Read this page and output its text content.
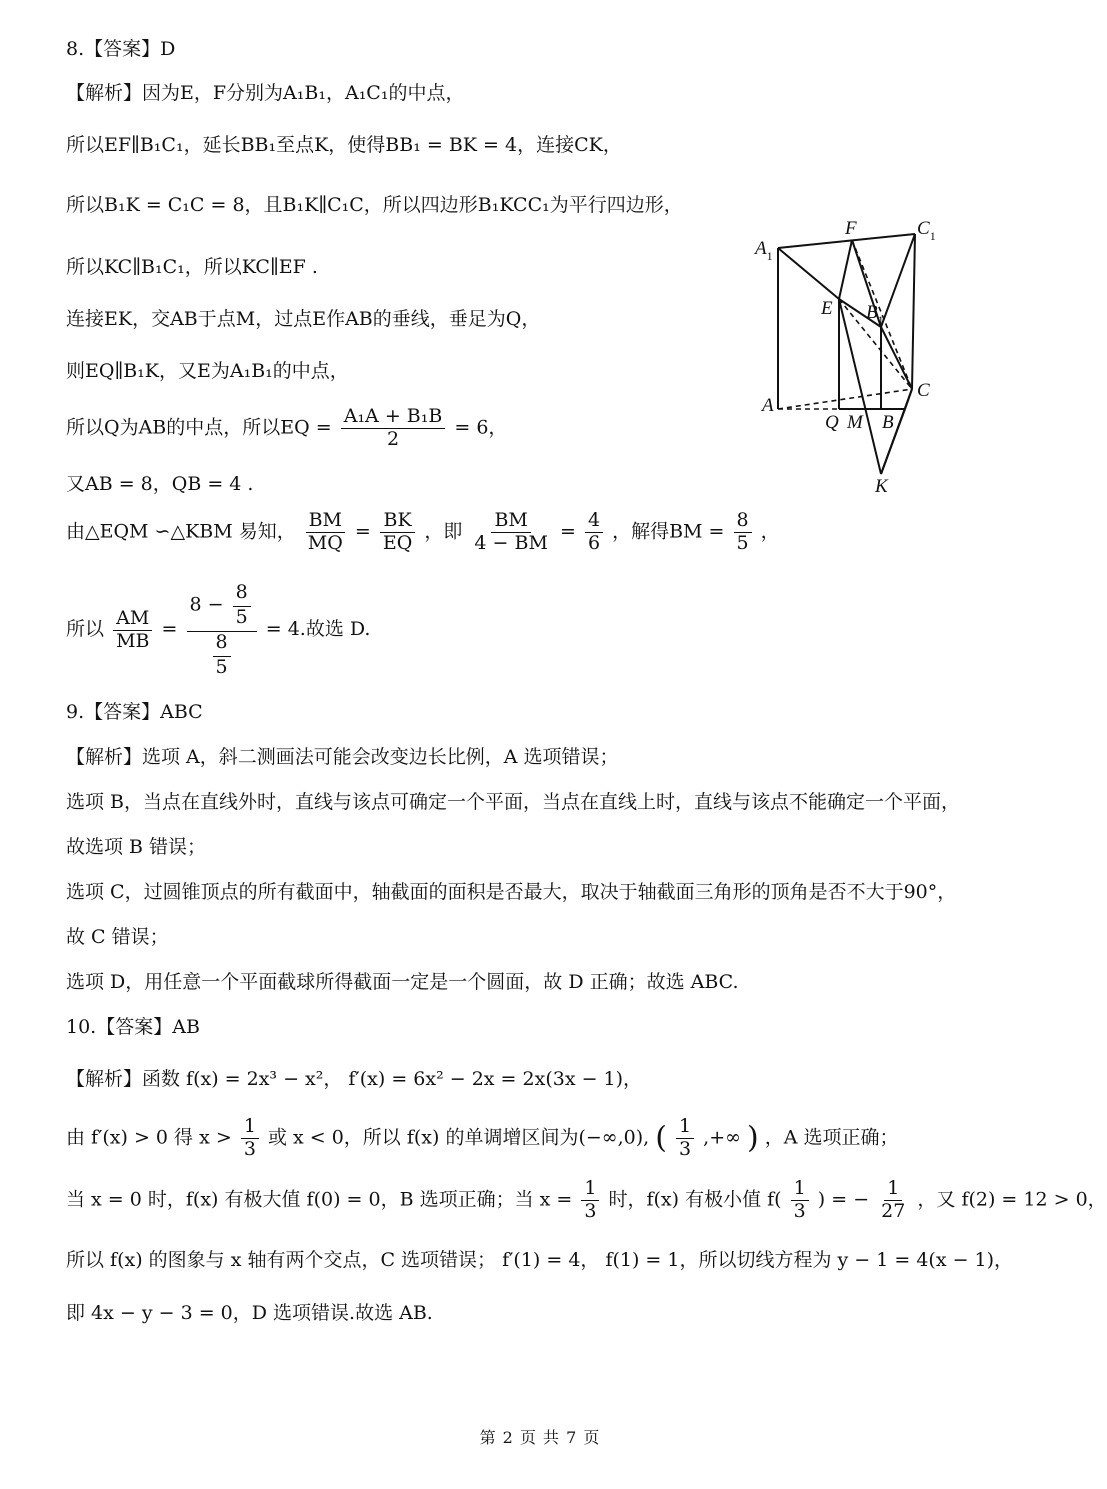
8.【答案】D
【解析】因为E，F分别为A₁B₁，A₁C₁的中点，
所以EF∥B₁C₁，延长BB₁至点K，使得BB₁ = BK = 4，连接CK，
所以B₁K = C₁C = 8，且B₁K∥C₁C，所以四边形B₁KCC₁为平行四边形，
所以KC∥B₁C₁，所以KC∥EF .
连接EK，交AB于点M，过点E作AB的垂线，垂足为Q，
则EQ∥B₁K，又E为A₁B₁的中点，
所以Q为AB的中点，所以EQ = $\frac{\text{A₁A + B₁B}}{2} = 6$，
又AB = 8，QB = 4 .
由△EQM ∽△KBM 易知， $\frac{BM}{MQ} = \frac{BK}{EQ}$ ，即 $\frac{BM}{4 - BM} = \frac{4}{6}$ ，解得BM = $\frac{8}{5}$ ，
所以 $\frac{AM}{MB} = \frac{8 - \frac{8}{5}}{\frac{8}{5}} = 4$.故选 D.
$A_1$
$C_1$
F
E $B_1$
A
C
Q M B
K
9.【答案】ABC
【解析】选项 A，斜二测画法可能会改变边长比例，A 选项错误；
选项 B，当点在直线外时，直线与该点可确定一个平面，当点在直线上时，直线与该点不能确定一个平面，
故选项 B 错误；
选项 C，过圆锥顶点的所有截面中，轴截面的面积是否最大，取决于轴截面三角形的顶角是否不大于90°，
故 C 错误；
选项 D，用任意一个平面截球所得截面一定是一个圆面，故 D 正确；故选 ABC.
10.【答案】AB
【解析】函数 f(x) = 2x³ − x²， f′(x) = 6x² − 2x = 2x(3x − 1)，
由 f′(x) > 0 得 $x > \frac{1}{3}$ 或 x < 0，所以 f(x) 的单调增区间为(−∞,0), ( $\frac{1}{3}$ ,+∞ ) ，A 选项正确；
当 x = 0 时，f(x) 有极大值 f(0) = 0，B 选项正确；当 $x = \frac{1}{3}$ 时，f(x) 有极小值 $f( \frac{1}{3}$ ) = − $\frac{1}{27}$ ，又 f(2) = 12 > 0，
所以 f(x) 的图象与 x 轴有两个交点，C 选项错误； f′(1) = 4， f(1) = 1，所以切线方程为 y − 1 = 4(x − 1)，
即 4x − y − 3 = 0，D 选项错误.故选 AB.
第 2 页 共 7 页
